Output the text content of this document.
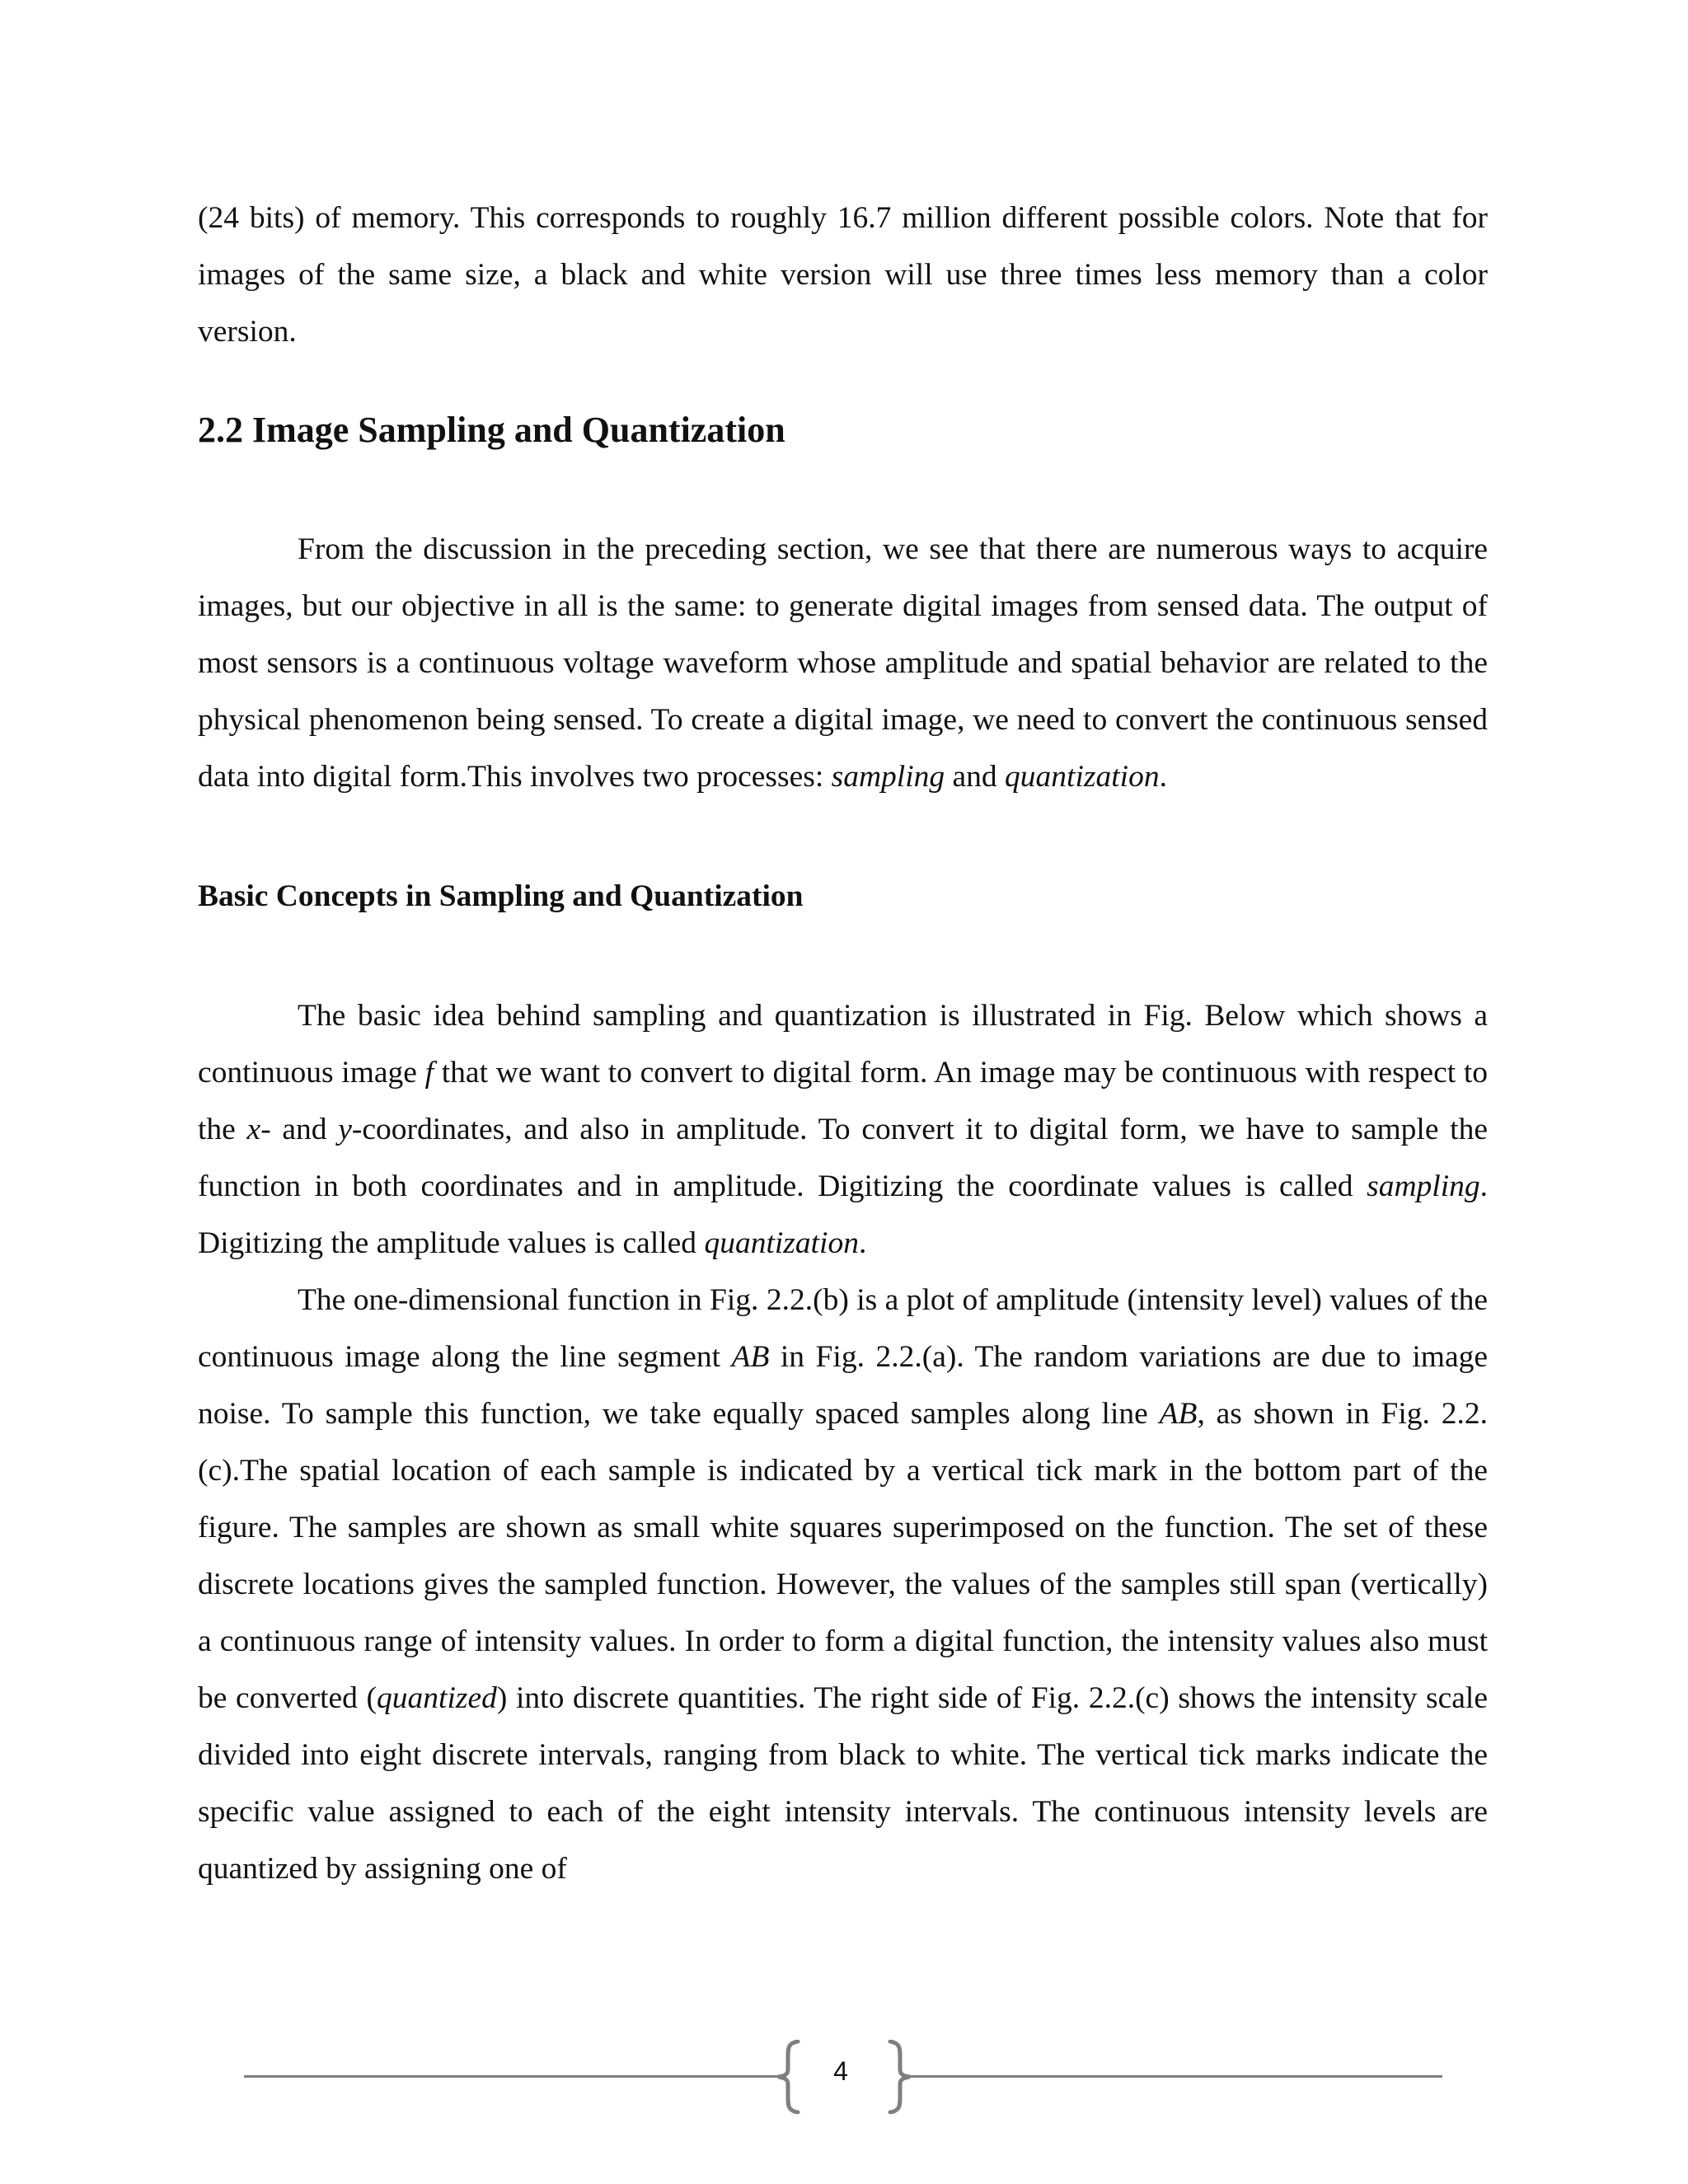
(24 bits) of memory. This corresponds to roughly 16.7 million different possible colors. Note that for images of the same size, a black and white version will use three times less memory than a color version.

2.2 Image Sampling and Quantization

From the discussion in the preceding section, we see that there are numerous ways to acquire images, but our objective in all is the same: to generate digital images from sensed data. The output of most sensors is a continuous voltage waveform whose amplitude and spatial behavior are related to the physical phenomenon being sensed. To create a digital image, we need to convert the continuous sensed data into digital form.This involves two processes: sampling and quantization.

Basic Concepts in Sampling and Quantization

The basic idea behind sampling and quantization is illustrated in Fig. Below which shows a continuous image f that we want to convert to digital form. An image may be continuous with respect to the x- and y-coordinates, and also in amplitude. To convert it to digital form, we have to sample the function in both coordinates and in amplitude. Digitizing the coordinate values is called sampling. Digitizing the amplitude values is called quantization.

The one-dimensional function in Fig. 2.2.(b) is a plot of amplitude (intensity level) values of the continuous image along the line segment AB in Fig. 2.2.(a). The random variations are due to image noise. To sample this function, we take equally spaced samples along line AB, as shown in Fig. 2.2.(c).The spatial location of each sample is indicated by a vertical tick mark in the bottom part of the figure. The samples are shown as small white squares superimposed on the function. The set of these discrete locations gives the sampled function. However, the values of the samples still span (vertically) a continuous range of intensity values. In order to form a digital function, the intensity values also must be converted (quantized) into discrete quantities. The right side of Fig. 2.2.(c) shows the intensity scale divided into eight discrete intervals, ranging from black to white. The vertical tick marks indicate the specific value assigned to each of the eight intensity intervals. The continuous intensity levels are quantized by assigning one of

4
